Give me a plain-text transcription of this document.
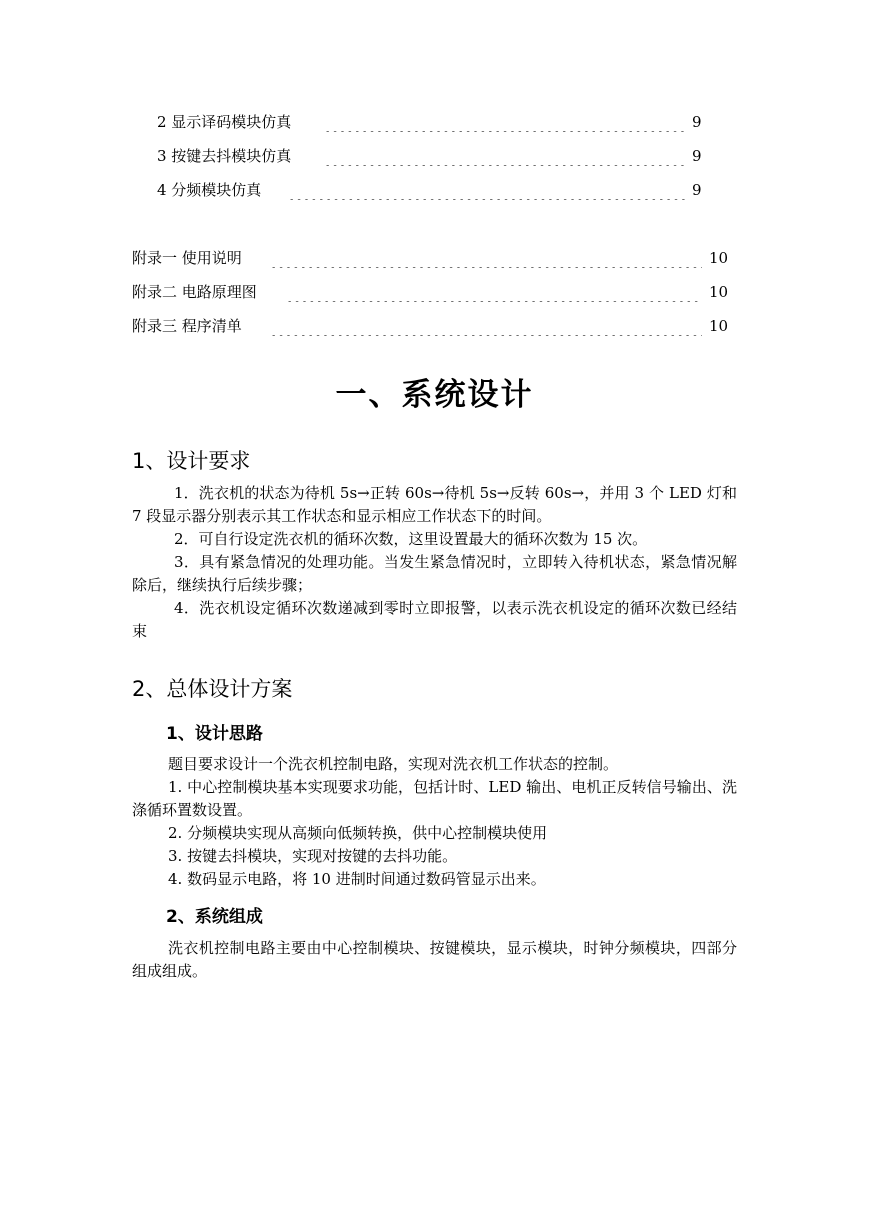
2 显示译码模块仿真	9
3 按键去抖模块仿真	9
4 分频模块仿真	9
附录一 使用说明	10
附录二 电路原理图	10
附录三 程序清单	10
一、系统设计
1、设计要求

1．洗衣机的状态为待机 5s→正转 60s→待机 5s→反转 60s→，并用 3 个 LED 灯和 7 段显示器分别表示其工作状态和显示相应工作状态下的时间。

2．可自行设定洗衣机的循环次数，这里设置最大的循环次数为 15 次。

3．具有紧急情况的处理功能。当发生紧急情况时，立即转入待机状态，紧急情况解除后，继续执行后续步骤；

4．洗衣机设定循环次数递减到零时立即报警，以表示洗衣机设定的循环次数已经结束

2、总体设计方案
1、设计思路

题目要求设计一个洗衣机控制电路，实现对洗衣机工作状态的控制。

1. 中心控制模块基本实现要求功能，包括计时、LED 输出、电机正反转信号输出、洗涤循环置数设置。

2. 分频模块实现从高频向低频转换，供中心控制模块使用

3. 按键去抖模块，实现对按键的去抖功能。

4. 数码显示电路，将 10 进制时间通过数码管显示出来。

2、系统组成

洗衣机控制电路主要由中心控制模块、按键模块，显示模块，时钟分频模块，四部分组成组成。
